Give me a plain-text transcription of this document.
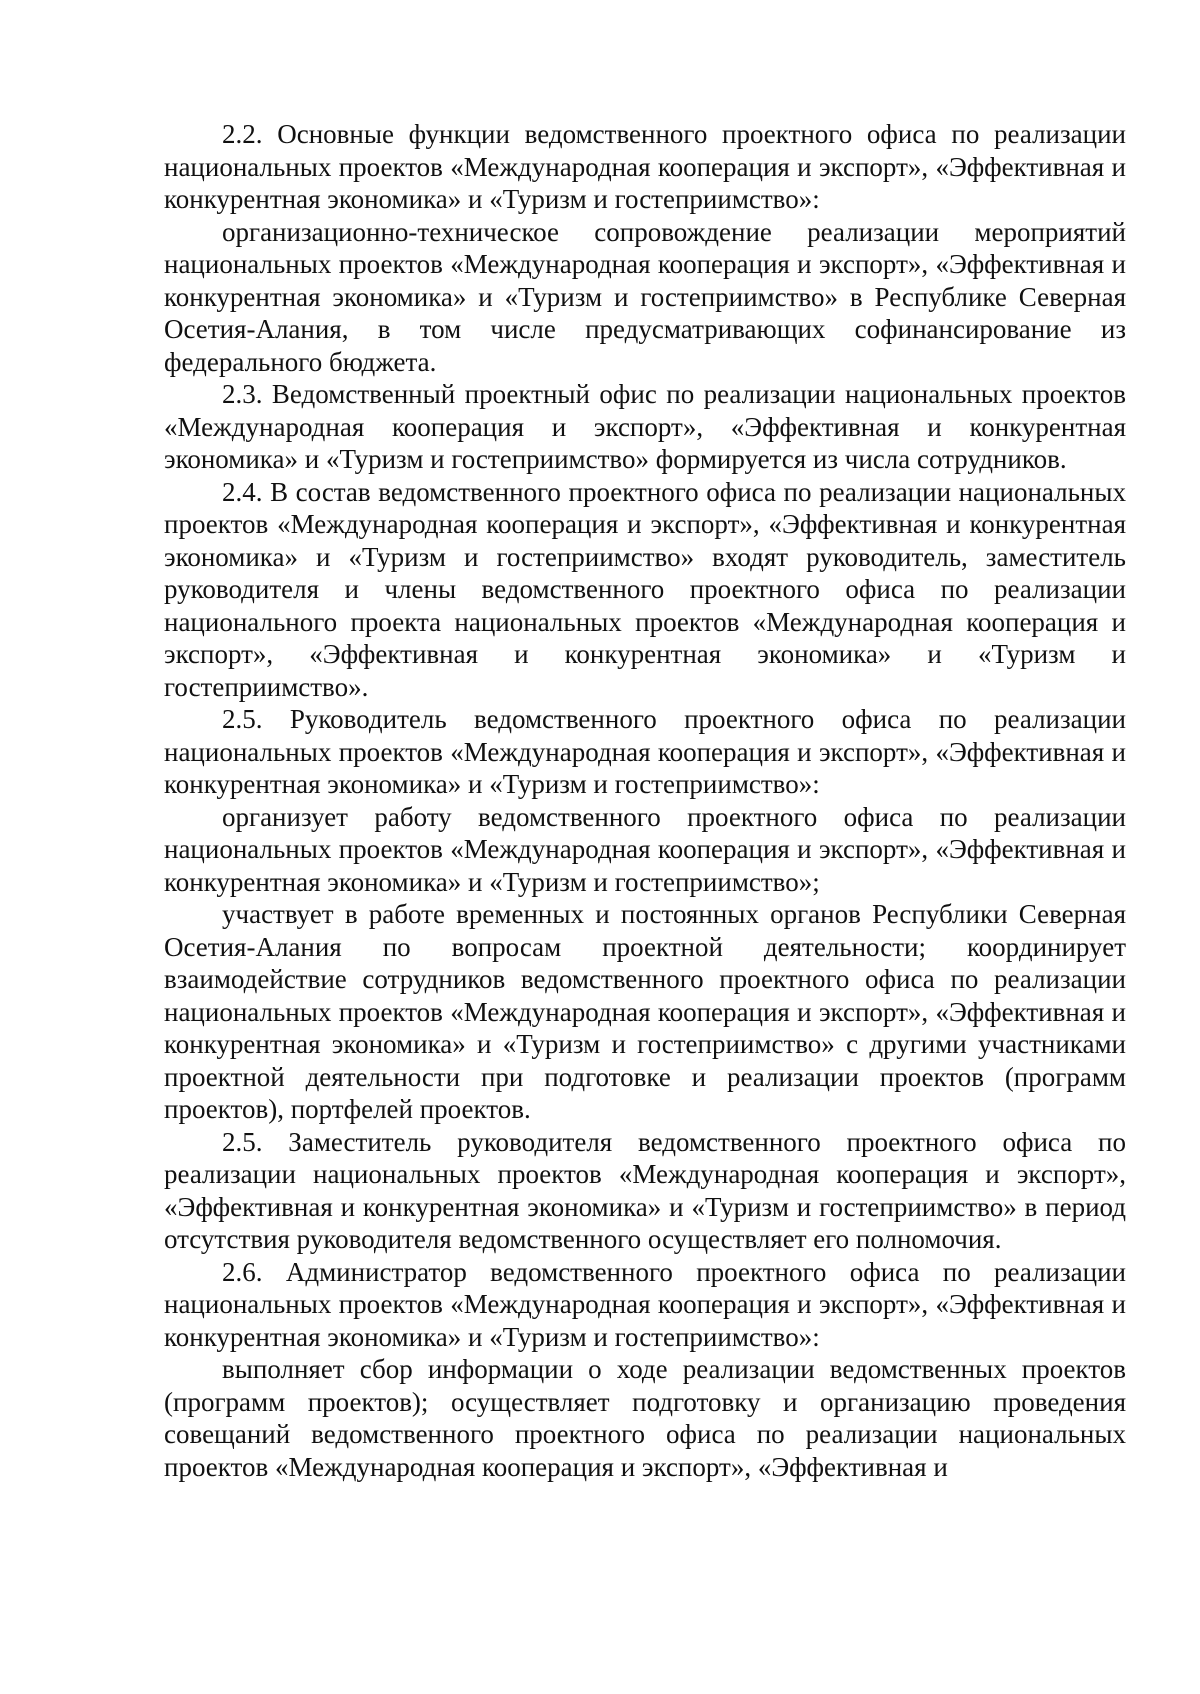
2.2. Основные функции ведомственного проектного офиса по реализации национальных проектов «Международная кооперация и экспорт», «Эффективная и конкурентная экономика» и «Туризм и гостеприимство»:

организационно-техническое сопровождение реализации мероприятий национальных проектов «Международная кооперация и экспорт», «Эффективная и конкурентная экономика» и «Туризм и гостеприимство» в Республике Северная Осетия-Алания, в том числе предусматривающих софинансирование из федерального бюджета.

2.3. Ведомственный проектный офис по реализации национальных проектов «Международная кооперация и экспорт», «Эффективная и конкурентная экономика» и «Туризм и гостеприимство» формируется из числа сотрудников.

2.4. В состав ведомственного проектного офиса по реализации национальных проектов «Международная кооперация и экспорт», «Эффективная и конкурентная экономика» и «Туризм и гостеприимство» входят руководитель, заместитель руководителя и члены ведомственного проектного офиса по реализации национального проекта национальных проектов «Международная кооперация и экспорт», «Эффективная и конкурентная экономика» и «Туризм и гостеприимство».

2.5. Руководитель ведомственного проектного офиса по реализации национальных проектов «Международная кооперация и экспорт», «Эффективная и конкурентная экономика» и «Туризм и гостеприимство»:

организует работу ведомственного проектного офиса по реализации национальных проектов «Международная кооперация и экспорт», «Эффективная и конкурентная экономика» и «Туризм и гостеприимство»;

участвует в работе временных и постоянных органов Республики Северная Осетия-Алания по вопросам проектной деятельности; координирует взаимодействие сотрудников ведомственного проектного офиса по реализации национальных проектов «Международная кооперация и экспорт», «Эффективная и конкурентная экономика» и «Туризм и гостеприимство» с другими участниками проектной деятельности при подготовке и реализации проектов (программ проектов), портфелей проектов.

2.5. Заместитель руководителя ведомственного проектного офиса по реализации национальных проектов «Международная кооперация и экспорт», «Эффективная и конкурентная экономика» и «Туризм и гостеприимство» в период отсутствия руководителя ведомственного осуществляет его полномочия.

2.6. Администратор ведомственного проектного офиса по реализации национальных проектов «Международная кооперация и экспорт», «Эффективная и конкурентная экономика» и «Туризм и гостеприимство»:

выполняет сбор информации о ходе реализации ведомственных проектов (программ проектов); осуществляет подготовку и организацию проведения совещаний ведомственного проектного офиса по реализации национальных проектов «Международная кооперация и экспорт», «Эффективная и
